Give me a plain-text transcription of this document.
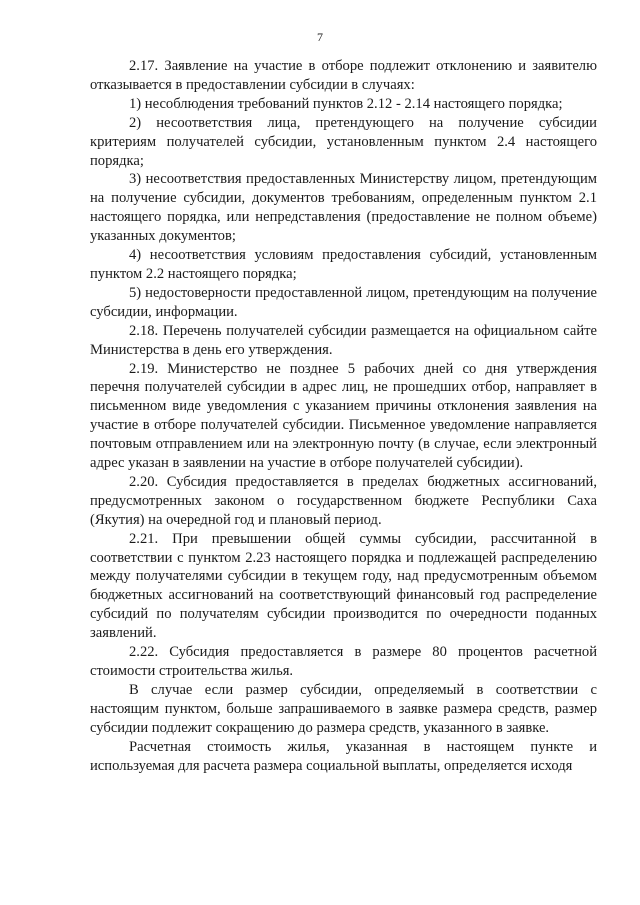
7

2.17. Заявление на участие в отборе подлежит отклонению и заявителю отказывается в предоставлении субсидии в случаях:

1) несоблюдения требований пунктов 2.12 - 2.14 настоящего порядка;

2) несоответствия лица, претендующего на получение субсидии критериям получателей субсидии, установленным пунктом 2.4 настоящего порядка;

3) несоответствия предоставленных Министерству лицом, претендующим на получение субсидии, документов требованиям, определенным пунктом 2.1 настоящего порядка, или непредставления (предоставление не полном объеме) указанных документов;

4) несоответствия условиям предоставления субсидий, установленным пунктом 2.2 настоящего порядка;

5) недостоверности предоставленной лицом, претендующим на получение субсидии, информации.

2.18. Перечень получателей субсидии размещается на официальном сайте Министерства в день его утверждения.

2.19. Министерство не позднее 5 рабочих дней со дня утверждения перечня получателей субсидии в адрес лиц, не прошедших отбор, направляет в письменном виде уведомления с указанием причины отклонения заявления на участие в отборе получателей субсидии. Письменное уведомление направляется почтовым отправлением или на электронную почту (в случае, если электронный адрес указан в заявлении на участие в отборе получателей субсидии).

2.20. Субсидия предоставляется в пределах бюджетных ассигнований, предусмотренных законом о государственном бюджете Республики Саха (Якутия) на очередной год и плановый период.

2.21. При превышении общей суммы субсидии, рассчитанной в соответствии с пунктом 2.23 настоящего порядка и подлежащей распределению между получателями субсидии в текущем году, над предусмотренным объемом бюджетных ассигнований на соответствующий финансовый год распределение субсидий по получателям субсидии производится по очередности поданных заявлений.

2.22. Субсидия предоставляется в размере 80 процентов расчетной стоимости строительства жилья.

В случае если размер субсидии, определяемый в соответствии с настоящим пунктом, больше запрашиваемого в заявке размера средств, размер субсидии подлежит сокращению до размера средств, указанного в заявке.

Расчетная стоимость жилья, указанная в настоящем пункте и используемая для расчета размера социальной выплаты, определяется исходя
